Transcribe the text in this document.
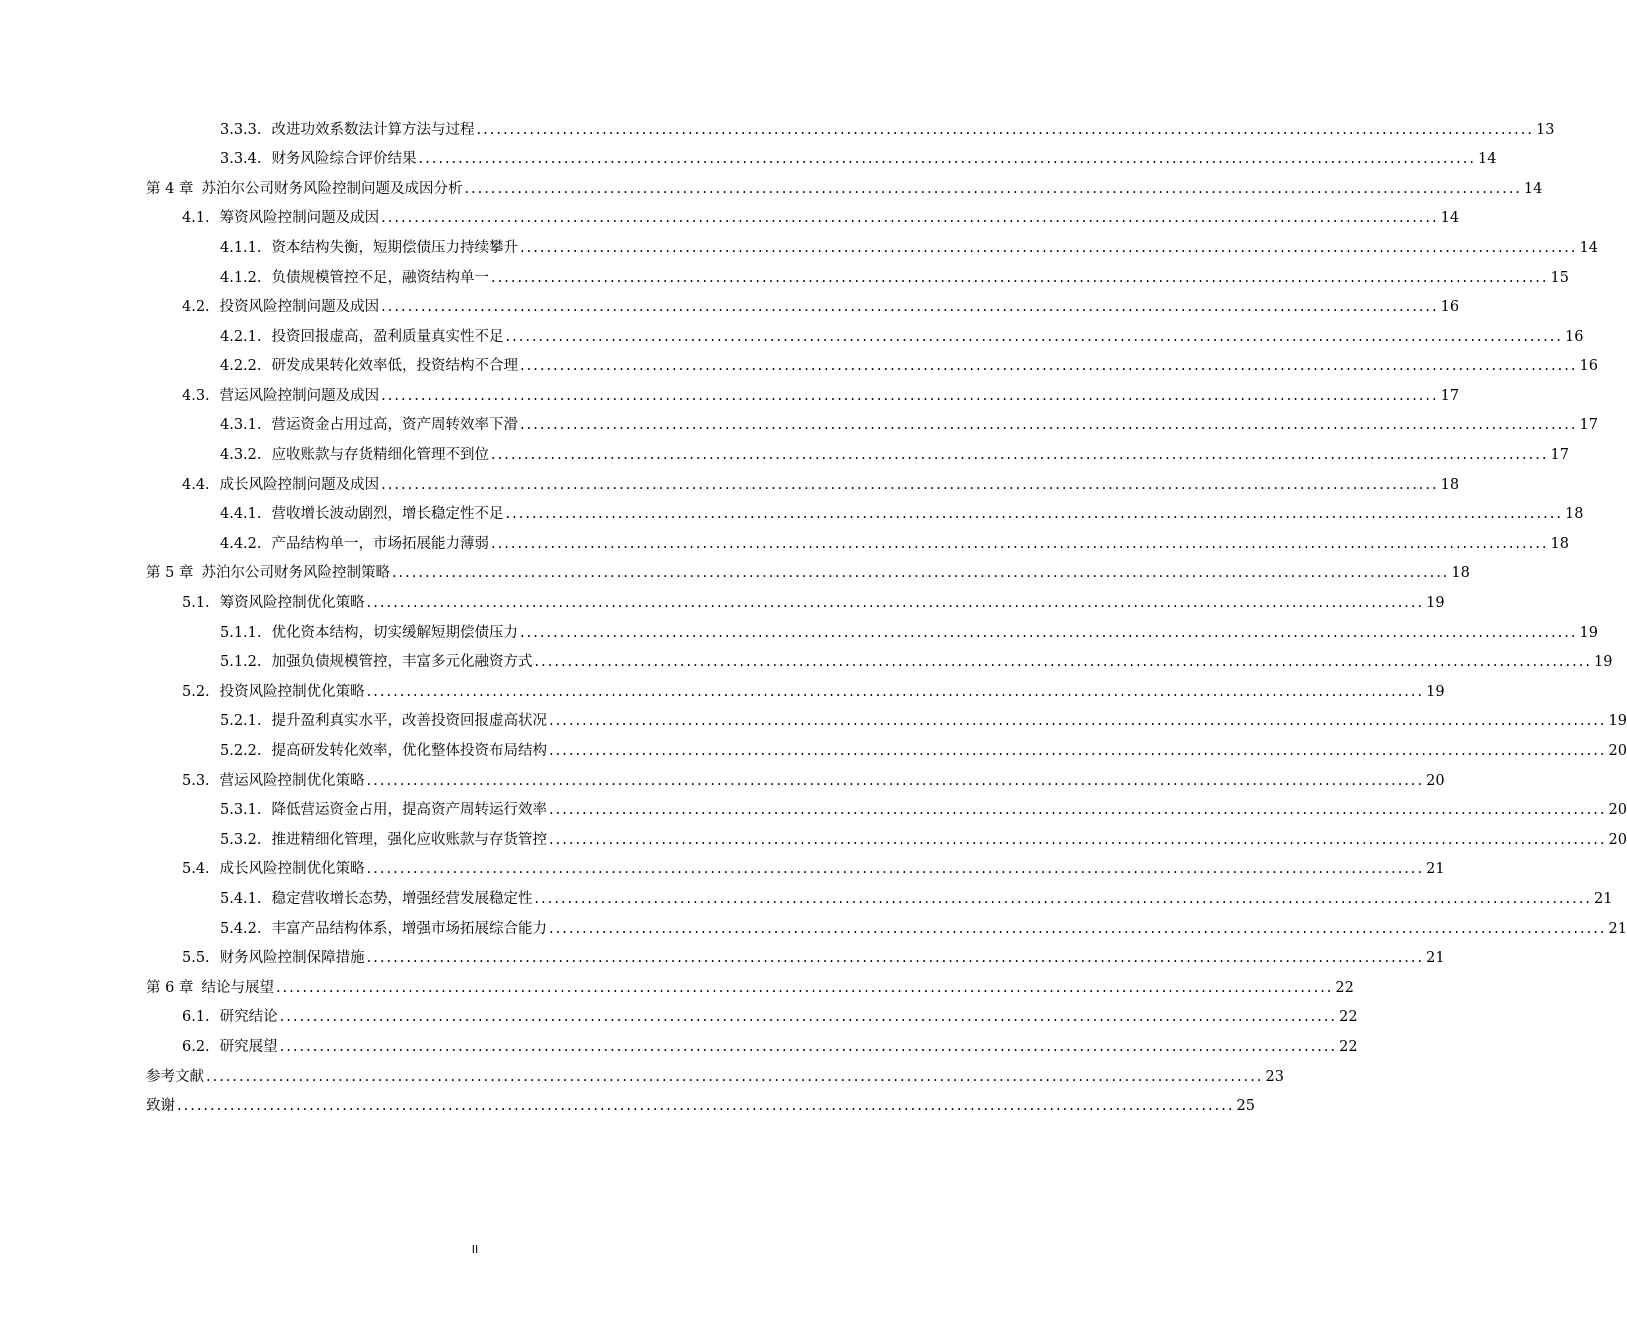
3.3.3. 改进功效系数法计算方法与过程 ................................................................................................................................................................ 13
3.3.4. 财务风险综合评价结果 ................................................................................................................................................................ 14
第 4 章 苏泊尔公司财务风险控制问题及成因分析 ................................................................................................................................................................ 14
4.1. 筹资风险控制问题及成因 ................................................................................................................................................................ 14
4.1.1. 资本结构失衡，短期偿债压力持续攀升 ................................................................................................................................................................ 14
4.1.2. 负债规模管控不足，融资结构单一 ................................................................................................................................................................ 15
4.2. 投资风险控制问题及成因 ................................................................................................................................................................ 16
4.2.1. 投资回报虚高，盈利质量真实性不足 ................................................................................................................................................................ 16
4.2.2. 研发成果转化效率低，投资结构不合理 ................................................................................................................................................................ 16
4.3. 营运风险控制问题及成因 ................................................................................................................................................................ 17
4.3.1. 营运资金占用过高，资产周转效率下滑 ................................................................................................................................................................ 17
4.3.2. 应收账款与存货精细化管理不到位 ................................................................................................................................................................ 17
4.4. 成长风险控制问题及成因 ................................................................................................................................................................ 18
4.4.1. 营收增长波动剧烈，增长稳定性不足 ................................................................................................................................................................ 18
4.4.2. 产品结构单一，市场拓展能力薄弱 ................................................................................................................................................................ 18
第 5 章 苏泊尔公司财务风险控制策略 ................................................................................................................................................................ 18
5.1. 筹资风险控制优化策略 ................................................................................................................................................................ 19
5.1.1. 优化资本结构，切实缓解短期偿债压力 ................................................................................................................................................................ 19
5.1.2. 加强负债规模管控，丰富多元化融资方式 ................................................................................................................................................................ 19
5.2. 投资风险控制优化策略 ................................................................................................................................................................ 19
5.2.1. 提升盈利真实水平，改善投资回报虚高状况 ................................................................................................................................................................ 19
5.2.2. 提高研发转化效率，优化整体投资布局结构 ................................................................................................................................................................ 20
5.3. 营运风险控制优化策略 ................................................................................................................................................................ 20
5.3.1. 降低营运资金占用，提高资产周转运行效率 ................................................................................................................................................................ 20
5.3.2. 推进精细化管理，强化应收账款与存货管控 ................................................................................................................................................................ 20
5.4. 成长风险控制优化策略 ................................................................................................................................................................ 21
5.4.1. 稳定营收增长态势，增强经营发展稳定性 ................................................................................................................................................................ 21
5.4.2. 丰富产品结构体系，增强市场拓展综合能力 ................................................................................................................................................................ 21
5.5. 财务风险控制保障措施 ................................................................................................................................................................ 21
第 6 章 结论与展望 ................................................................................................................................................................ 22
6.1. 研究结论 ................................................................................................................................................................ 22
6.2. 研究展望 ................................................................................................................................................................ 22
参考文献 ................................................................................................................................................................ 23
致谢 ................................................................................................................................................................ 25
II
